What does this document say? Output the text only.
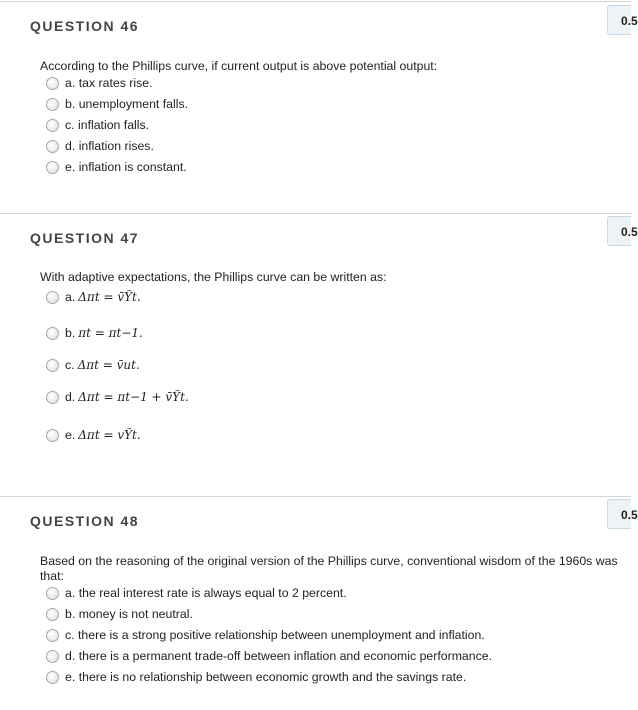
0.5
QUESTION 46
According to the Phillips curve, if current output is above potential output:
a.
tax rates rise.
b.
unemployment falls.
c.
inflation falls.
d.
inflation rises.
e.
inflation is constant.
0.5
QUESTION 47
With adaptive expectations, the Phillips curve can be written as:
a. Δπt = v̄Ỹt.
b. πt = πt−1.
c. Δπt = v̄ut.
d. Δπt = πt−1 + v̄Ỹt.
e. Δπt = vỸt.
0.5
QUESTION 48
Based on the reasoning of the original version of the Phillips curve, conventional wisdom of the 1960s was that:
a.
the real interest rate is always equal to 2 percent.
b.
money is not neutral.
c.
there is a strong positive relationship between unemployment and inflation.
d.
there is a permanent trade-off between inflation and economic performance.
e.
there is no relationship between economic growth and the savings rate.
